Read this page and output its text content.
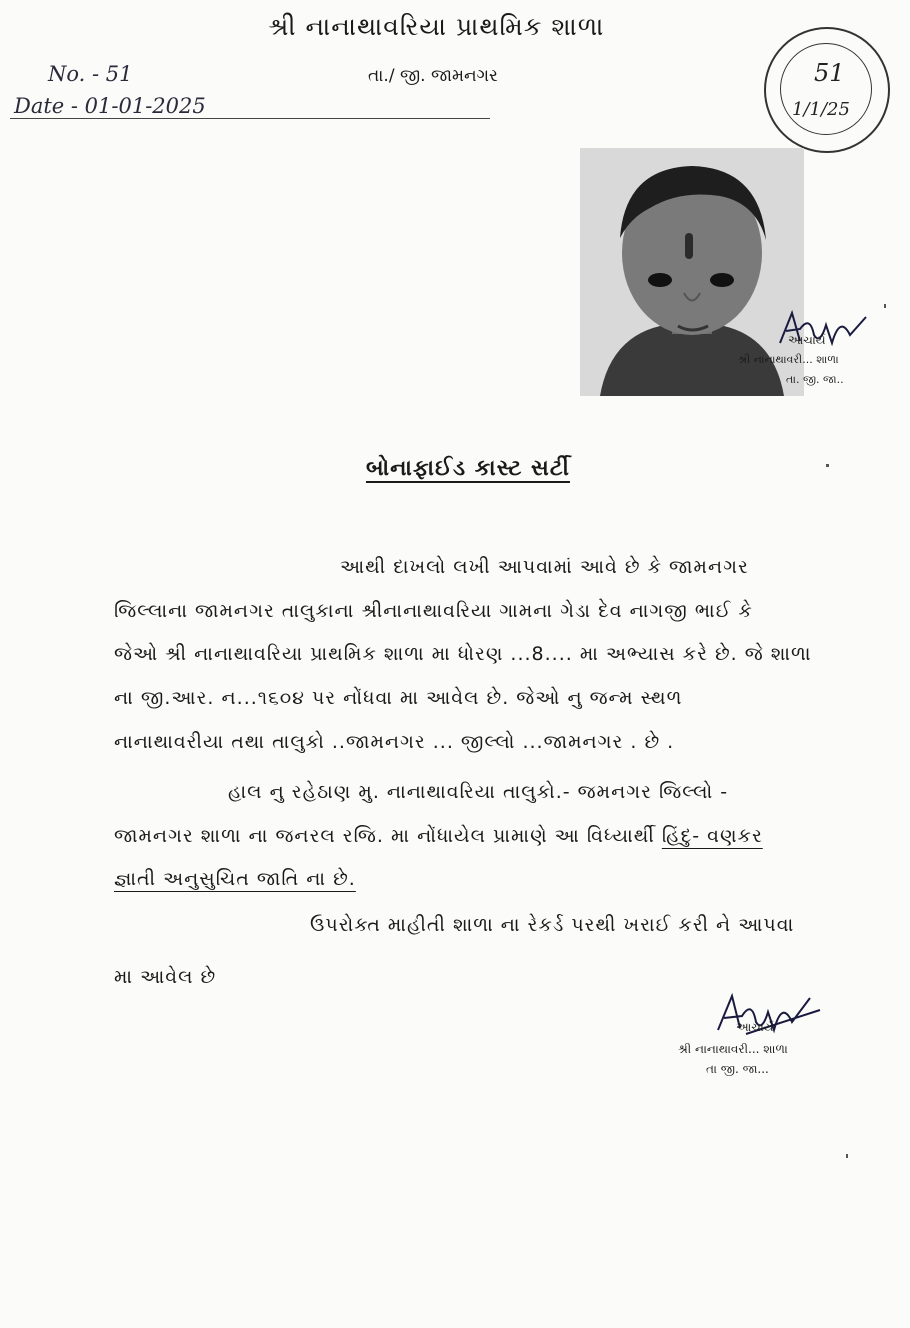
શ્રી નાનાથાવરિયા પ્રાથમિક શાળા
તા./ જી. જામનગર
No. - 51
Date - 01-01-2025
51
1/1/25
આચાર્ય
શ્રી નાનાથાવરી... શાળા
તા. જી. જા..
બોનાફાઈડ કાસ્ટ સર્ટી
આથી દાખલો લખી આપવામાં આવે છે કે જામનગર
જિલ્લાના જામનગર તાલુકાના શ્રીનાનાથાવરિયા ગામના ગેડા દેવ નાગજી ભાઈ કે
જેઓ શ્રી નાનાથાવરિયા પ્રાથમિક શાળા મા ધોરણ ...8.... મા અભ્યાસ કરે છે. જે શાળા
ના જી.આર. ન...૧૬૦૪ પર નોંધવા મા આવેલ છે. જેઓ નુ જન્મ સ્થળ
નાનાથાવરીયા તથા તાલુકો ..જામનગર ... જીલ્લો ...જામનગર . છે .
હાલ નુ રહેઠાણ મુ. નાનાથાવરિયા તાલુકો.- જમનગર જિલ્લો -
જામનગર શાળા ના જનરલ રજિ. મા નોંધાયેલ પ્રામાણે આ વિધ્યાર્થી હિંદુ- વણકર
જ્ઞાતી અનુસુચિત જાતિ ના છે.
ઉપરોક્ત માહીતી શાળા ના રેકર્ડ પરથી ખરાઈ કરી ને આપવા
મા આવેલ છે
આચાર્ય
શ્રી નાનાથાવરી... શાળા
તા જી. જા...
